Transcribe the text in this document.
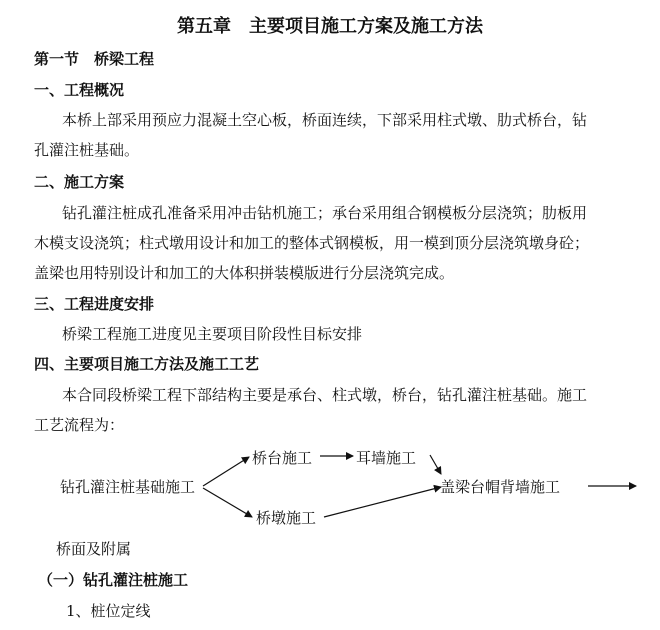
第五章　主要项目施工方案及施工方法
第一节　桥梁工程
一、工程概况
本桥上部采用预应力混凝土空心板，桥面连续，下部采用柱式墩、肋式桥台，钻
孔灌注桩基础。
二、施工方案
钻孔灌注桩成孔准备采用冲击钻机施工；承台采用组合钢模板分层浇筑；肋板用
木模支设浇筑；柱式墩用设计和加工的整体式钢模板，用一模到顶分层浇筑墩身砼；
盖梁也用特别设计和加工的大体积拼装模版进行分层浇筑完成。
三、工程进度安排
桥梁工程施工进度见主要项目阶段性目标安排
四、主要项目施工方法及施工工艺
本合同段桥梁工程下部结构主要是承台、柱式墩，桥台，钻孔灌注桩基础。施工
工艺流程为：
钻孔灌注桩基础施工
桥台施工	耳墙施工
桥墩施工
盖梁台帽背墙施工
桥面及附属
（一）钻孔灌注桩施工
1、桩位定线
